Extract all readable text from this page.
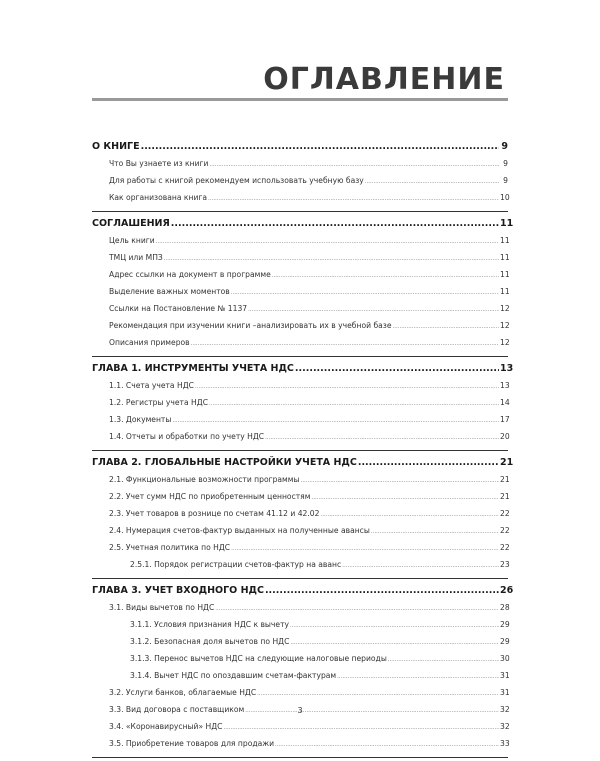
ОГЛАВЛЕНИЕ
О КНИГЕ .....	9
Что Вы узнаете из книги .....	9
Для работы с книгой рекомендуем использовать учебную базу .....	9
Как организована книга .....	10
СОГЛАШЕНИЯ .....	11
Цель книги .....	11
ТМЦ или МПЗ .....	11
Адрес ссылки на документ в программе .....	11
Выделение важных моментов .....	11
Ссылки на Постановление № 1137 .....	12
Рекомендация при изучении книги –анализировать их в учебной базе .....	12
Описания примеров .....	12
ГЛАВА 1. ИНСТРУМЕНТЫ УЧЕТА НДС .....	13
1.1. Счета учета НДС .....	13
1.2. Регистры учета НДС .....	14
1.3. Документы .....	17
1.4. Отчеты и обработки по учету НДС .....	20
ГЛАВА 2. ГЛОБАЛЬНЫЕ НАСТРОЙКИ УЧЕТА НДС .....	21
2.1. Функциональные возможности программы .....	21
2.2. Учет сумм НДС по приобретенным ценностям .....	21
2.3. Учет товаров в рознице по счетам 41.12 и 42.02 .....	22
2.4. Нумерация счетов-фактур выданных на полученные авансы .....	22
2.5. Учетная политика по НДС .....	22
2.5.1. Порядок регистрации счетов-фактур на аванс .....	23
ГЛАВА 3. УЧЕТ ВХОДНОГО НДС .....	26
3.1. Виды вычетов по НДС .....	28
3.1.1. Условия признания НДС к вычету .....	29
3.1.2. Безопасная доля вычетов по НДС .....	29
3.1.3. Перенос вычетов НДС на следующие налоговые периоды .....	30
3.1.4. Вычет НДС по опоздавшим счетам-фактурам .....	31
3.2. Услуги банков, облагаемые НДС .....	31
3.3. Вид договора с поставщиком .....	32
3.4. «Коронавирусный» НДС .....	32
3.5. Приобретение товаров для продажи .....	33
3
